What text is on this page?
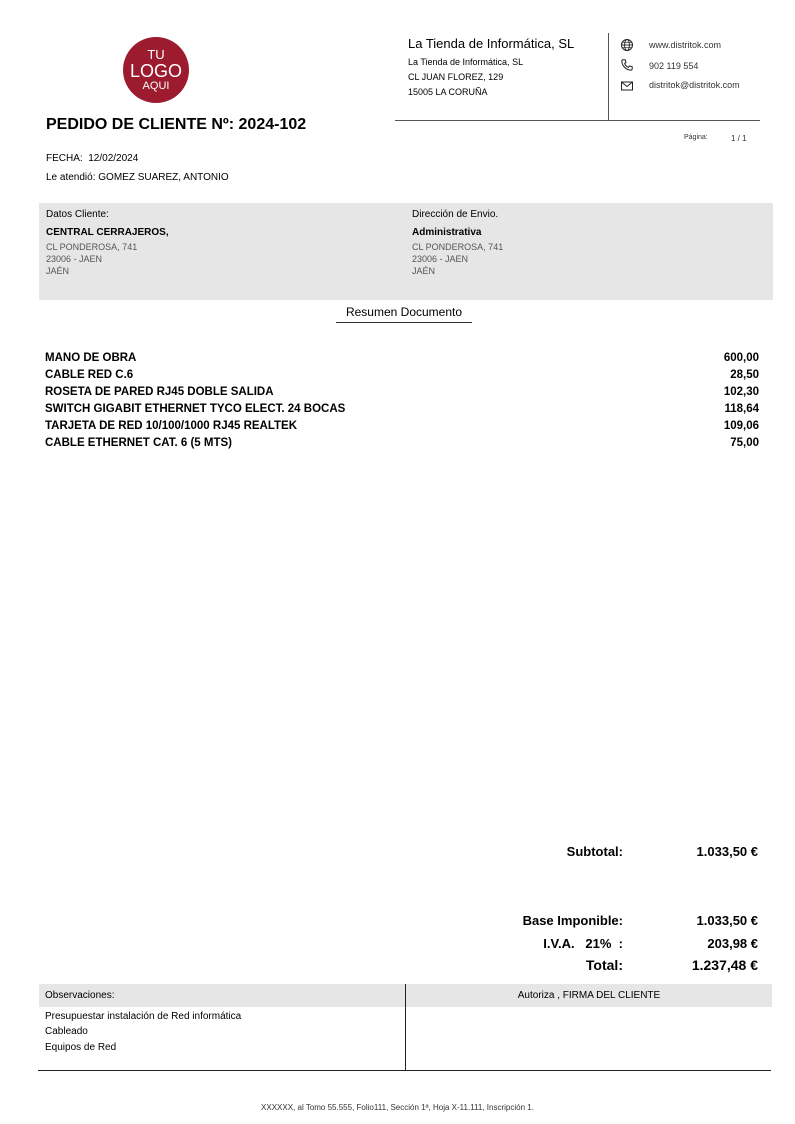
TU
LOGO
AQUI
La Tienda de Informática, SL
La Tienda de Informática, SL
CL JUAN FLOREZ, 129
15005 LA CORUÑA
www.distritok.com
902 119 554
distritok@distritok.com
Página:	1 / 1
PEDIDO DE CLIENTE Nº: 2024-102
FECHA: 12/02/2024
Le atendió: GOMEZ SUAREZ, ANTONIO
Datos Cliente:
CENTRAL CERRAJEROS,
CL PONDEROSA, 741
23006 - JAEN
JAÉN
Dirección de Envio.
Administrativa
CL PONDEROSA, 741
23006 - JAEN
JAÉN
Resumen Documento
MANO DE OBRA	600,00
CABLE RED C.6	28,50
ROSETA DE PARED RJ45 DOBLE SALIDA	102,30
SWITCH GIGABIT ETHERNET TYCO ELECT. 24 BOCAS	118,64
TARJETA DE RED 10/100/1000 RJ45 REALTEK	109,06
CABLE ETHERNET CAT. 6 (5 MTS)	75,00
Subtotal:	1.033,50 €
Base Imponible:	1.033,50 €
I.V.A.   21%  :	203,98 €
Total:	1.237,48 €
Observaciones:	Autoriza , FIRMA DEL CLIENTE
Presupuestar instalación de Red informática
Cableado
Equipos de Red
XXXXXX, al Tomo 55.555, Folio111, Sección 1ª, Hoja X-11.111, Inscripción 1.
